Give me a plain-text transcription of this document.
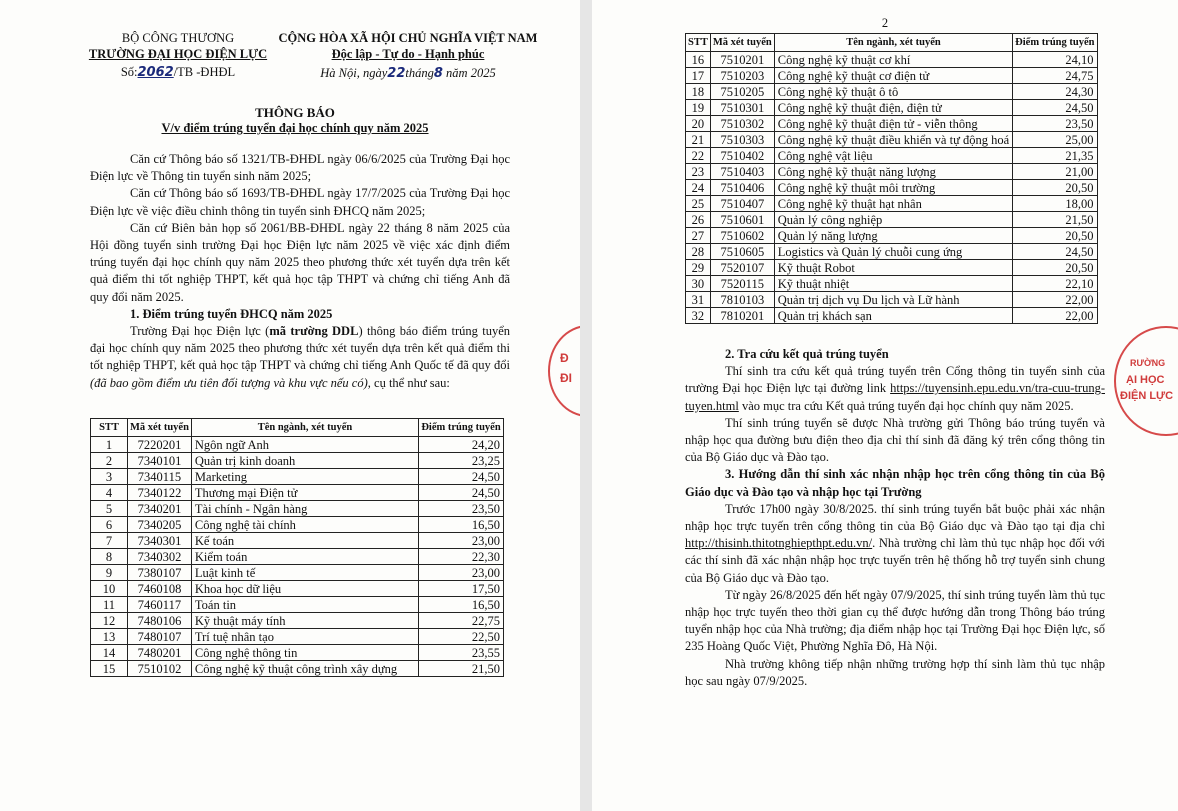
BỘ CÔNG THƯƠNG
TRƯỜNG ĐẠI HỌC ĐIỆN LỰC
Số:2062/TB -ĐHĐL
CỘNG HÒA XÃ HỘI CHỦ NGHĨA VIỆT NAM
Độc lập - Tự do - Hạnh phúc
Hà Nội, ngày22tháng8 năm 2025
THÔNG BÁO
V/v điểm trúng tuyển đại học chính quy năm 2025

Căn cứ Thông báo số 1321/TB-ĐHĐL ngày 06/6/2025 của Trường Đại học Điện lực về Thông tin tuyển sinh năm 2025;

Căn cứ Thông báo số 1693/TB-ĐHĐL ngày 17/7/2025 của Trường Đại học Điện lực về việc điều chỉnh thông tin tuyển sinh ĐHCQ năm 2025;

Căn cứ Biên bản họp số 2061/BB-ĐHĐL ngày 22 tháng 8 năm 2025 của Hội đồng tuyển sinh trường Đại học Điện lực năm 2025 về việc xác định điểm trúng tuyển đại học chính quy năm 2025 theo phương thức xét tuyển dựa trên kết quả điểm thi tốt nghiệp THPT, kết quả học tập THPT và chứng chỉ tiếng Anh đã quy đổi năm 2025.

1. Điểm trúng tuyển ĐHCQ năm 2025

Trường Đại học Điện lực (mã trường DDL) thông báo điểm trúng tuyển đại học chính quy năm 2025 theo phương thức xét tuyển dựa trên kết quả điểm thi tốt nghiệp THPT, kết quả học tập THPT và chứng chỉ tiếng Anh Quốc tế đã quy đổi (đã bao gồm điểm ưu tiên đối tượng và khu vực nếu có), cụ thể như sau:

STT	Mã xét tuyển	Tên ngành, xét tuyển	Điểm trúng tuyển
1	7220201	Ngôn ngữ Anh	24,20
2	7340101	Quản trị kinh doanh	23,25
3	7340115	Marketing	24,50
4	7340122	Thương mại Điện tử	24,50
5	7340201	Tài chính - Ngân hàng	23,50
6	7340205	Công nghệ tài chính	16,50
7	7340301	Kế toán	23,00
8	7340302	Kiểm toán	22,30
9	7380107	Luật kinh tế	23,00
10	7460108	Khoa học dữ liệu	17,50
11	7460117	Toán tin	16,50
12	7480106	Kỹ thuật máy tính	22,75
13	7480107	Trí tuệ nhân tạo	22,50
14	7480201	Công nghệ thông tin	23,55
15	7510102	Công nghệ kỹ thuật công trình xây dựng	21,50
Đ
ĐI
2
STT	Mã xét tuyển	Tên ngành, xét tuyển	Điểm trúng tuyển
16	7510201	Công nghệ kỹ thuật cơ khí	24,10
17	7510203	Công nghệ kỹ thuật cơ điện tử	24,75
18	7510205	Công nghệ kỹ thuật ô tô	24,30
19	7510301	Công nghệ kỹ thuật điện, điện tử	24,50
20	7510302	Công nghệ kỹ thuật điện tử - viễn thông	23,50
21	7510303	Công nghệ kỹ thuật điều khiển và tự động hoá	25,00
22	7510402	Công nghệ vật liệu	21,35
23	7510403	Công nghệ kỹ thuật năng lượng	21,00
24	7510406	Công nghệ kỹ thuật môi trường	20,50
25	7510407	Công nghệ kỹ thuật hạt nhân	18,00
26	7510601	Quản lý công nghiệp	21,50
27	7510602	Quản lý năng lượng	20,50
28	7510605	Logistics và Quản lý chuỗi cung ứng	24,50
29	7520107	Kỹ thuật Robot	20,50
30	7520115	Kỹ thuật nhiệt	22,10
31	7810103	Quản trị dịch vụ Du lịch và Lữ hành	22,00
32	7810201	Quản trị khách sạn	22,00

2. Tra cứu kết quả trúng tuyển

Thí sinh tra cứu kết quả trúng tuyển trên Cổng thông tin tuyển sinh của trường Đại học Điện lực tại đường link https://tuyensinh.epu.edu.vn/tra-cuu-trung-tuyen.html vào mục tra cứu Kết quả trúng tuyển đại học chính quy năm 2025.

Thí sinh trúng tuyển sẽ được Nhà trường gửi Thông báo trúng tuyển và nhập học qua đường bưu điện theo địa chỉ thí sinh đã đăng ký trên cổng thông tin của Bộ Giáo dục và Đào tạo.

3. Hướng dẫn thí sinh xác nhận nhập học trên cổng thông tin của Bộ Giáo dục và Đào tạo và nhập học tại Trường

Trước 17h00 ngày 30/8/2025. thí sinh trúng tuyển bắt buộc phải xác nhận nhập học trực tuyến trên cổng thông tin của Bộ Giáo dục và Đào tạo tại địa chỉ http://thisinh.thitotnghiepthpt.edu.vn/. Nhà trường chỉ làm thủ tục nhập học đối với các thí sinh đã xác nhận nhập học trực tuyến trên hệ thống hỗ trợ tuyển sinh chung của Bộ Giáo dục và Đào tạo.

Từ ngày 26/8/2025 đến hết ngày 07/9/2025, thí sinh trúng tuyển làm thủ tục nhập học trực tuyến theo thời gian cụ thể được hướng dẫn trong Thông báo trúng tuyển nhập học của Nhà trường; địa điểm nhập học tại Trường Đại học Điện lực, số 235 Hoàng Quốc Việt, Phường Nghĩa Đô, Hà Nội.

Nhà trường không tiếp nhận những trường hợp thí sinh làm thủ tục nhập học sau ngày 07/9/2025.

RƯỜNG
ẠI HỌC
ĐIỆN LỰC
